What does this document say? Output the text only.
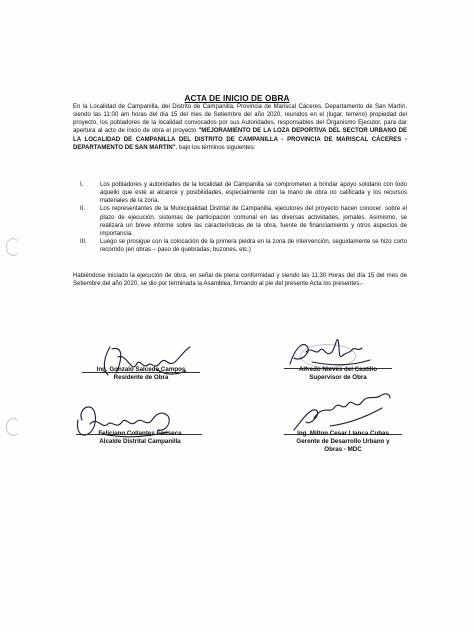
ACTA DE INICIO DE OBRA
En la Localidad de Campanilla, del Distrito de Campanilla, Provincia de Mariscal Cáceres, Departamento de San Martín, siendo las 11:00 am horas del día 15 del mes de Setiembre del año 2020, reunidos en el (lugar, terreno) propiedad del proyecto, los pobladores de la localidad convocados por sus Autoridades, responsables del Organismo Ejecutor, para dar apertura al acto de inicio de obra el proyecto "MEJORAMIENTO DE LA LOZA DEPORTIVA DEL SECTOR URBANO DE LA LOCALIDAD DE CAMPANILLA DEL DISTRITO DE CAMPANILLA - PROVINCIA DE MARISCAL CÁCERES - DEPARTAMENTO DE SAN MARTIN", bajo los términos siguientes:

I.	Los pobladores y autoridades de la localidad de Campanilla se comprometen a brindar apoyo solidario con todo aquello que esté al alcance y posibilidades, especialmente con la mano de obra no calificada y los recursos materiales de la zona.

II. Los representantes de la Municipalidad Distrital de Campanilla, ejecutores del proyecto hacen conocer: sobre el plazo de ejecución, sistemas de participación comunal en las diversas actividades, jornales. Asimismo, se realizará un breve informe sobre las características de la obra, fuente de financiamiento y otros aspectos de importancia.

III. Luego se prosigue con la colocación de la primera piedra en la zona de intervención, seguidamente se hizo corto recorrido (en obras – paso de quebradas, buzones, etc.)

Habiéndose iniciado la ejecución de obra, en señal de plena conformidad y siendo las 11:30 Horas del día 15 del mes de Setiembre del año 2020, se dio por terminada la Asamblea, firmando al pie del presente Acta los presentes.-
Ing. Gonzalo Salcedo Campos
Residente de Obra
Alfredo Nieves del Castillo
Supervisor de Obra
Feliciano Collantes Fonseca
Alcalde Distrital Campanilla
Ing. Milton Cesar Llanca Cubas
Gerente de Desarrollo Urbano y
Obras - MDC
